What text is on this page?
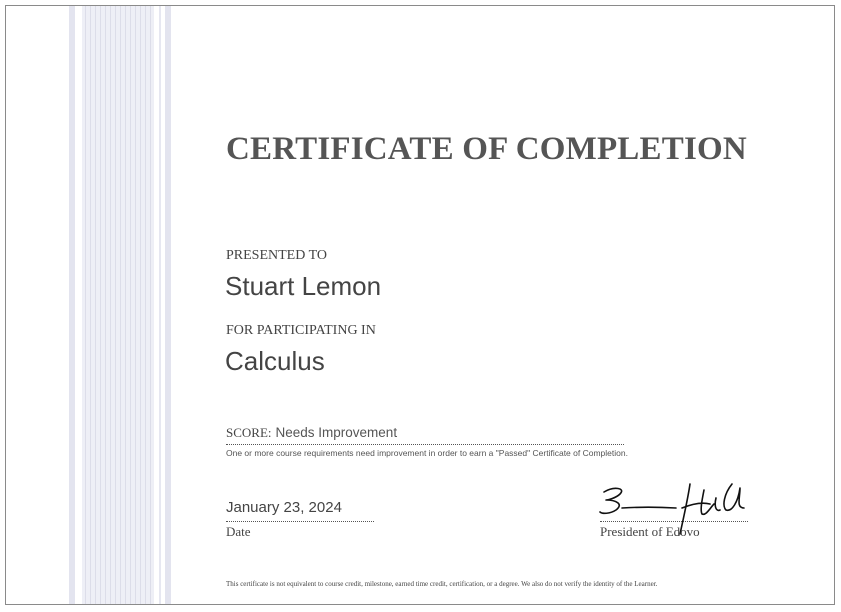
CERTIFICATE OF COMPLETION
PRESENTED TO
Stuart Lemon
FOR PARTICIPATING IN
Calculus
SCORE: Needs Improvement
One or more course requirements need improvement in order to earn a "Passed" Certificate of Completion.
January 23, 2024
Date	President of Edovo
This certificate is not equivalent to course credit, milestone, earned time credit, certification, or a degree. We also do not verify the identity of the Learner.
